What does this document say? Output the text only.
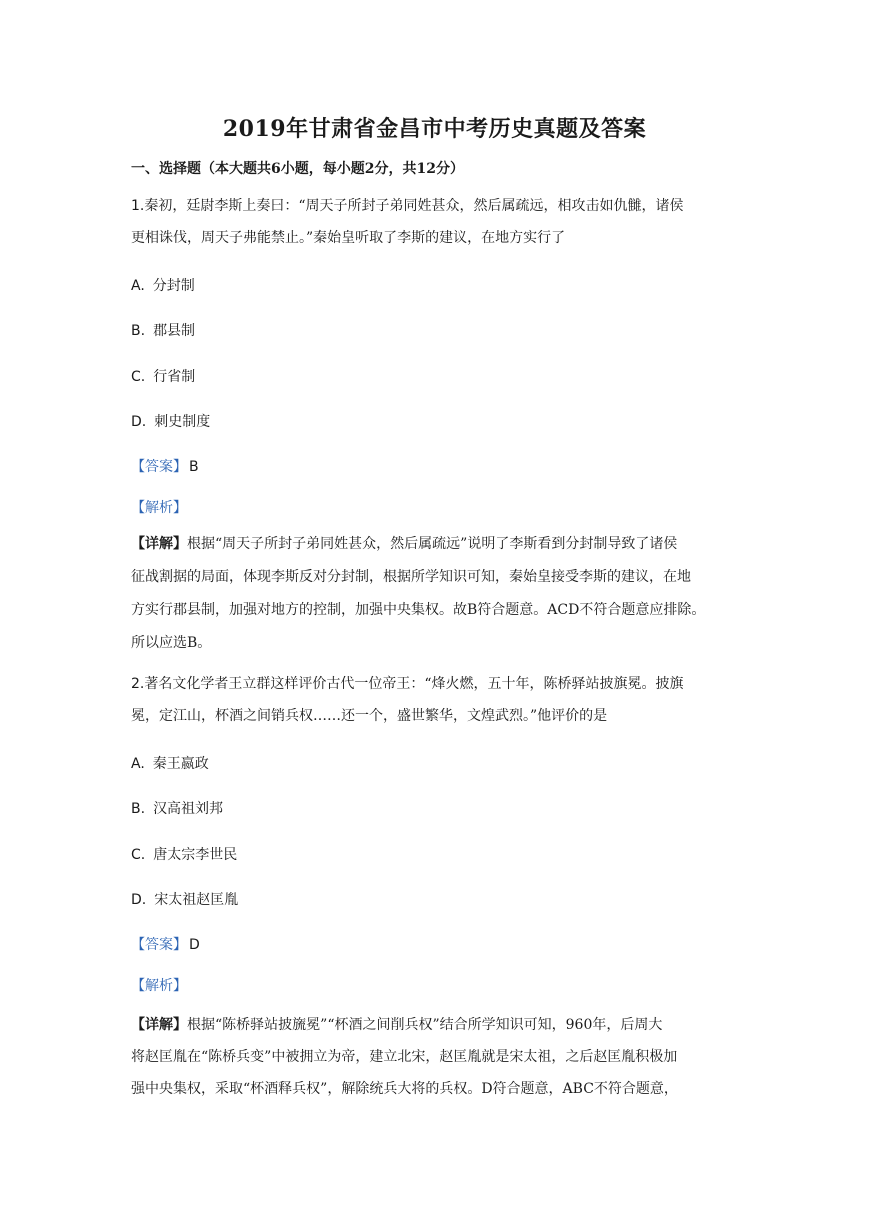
2019年甘肃省金昌市中考历史真题及答案
一、选择题（本大题共6小题，每小题2分，共12分）
1.秦初，廷尉李斯上奏曰：“周天子所封子弟同姓甚众，然后属疏远，相攻击如仇雠，诸侯
更相诛伐，周天子弗能禁止。”秦始皇听取了李斯的建议，在地方实行了
A. 分封制
B. 郡县制
C. 行省制
D. 刺史制度
【答案】 B
【解析】
【详解】根据“周天子所封子弟同姓甚众，然后属疏远”说明了李斯看到分封制导致了诸侯
征战割据的局面，体现李斯反对分封制，根据所学知识可知，秦始皇接受李斯的建议，在地
方实行郡县制，加强对地方的控制，加强中央集权。故B符合题意。ACD不符合题意应排除。
所以应选B。
2.著名文化学者王立群这样评价古代一位帝王：“烽火燃，五十年，陈桥驿站披旗冕。披旗
冕，定江山，杯酒之间销兵权……还一个，盛世繁华，文煌武烈。”他评价的是
A. 秦王嬴政
B. 汉高祖刘邦
C. 唐太宗李世民
D. 宋太祖赵匡胤
【答案】 D
【解析】
【详解】根据“陈桥驿站披旒冕”“杯酒之间削兵权”结合所学知识可知，960年，后周大
将赵匡胤在“陈桥兵变”中被拥立为帝，建立北宋，赵匡胤就是宋太祖，之后赵匡胤积极加
强中央集权，采取“杯酒释兵权”，解除统兵大将的兵权。D符合题意，ABC不符合题意，
